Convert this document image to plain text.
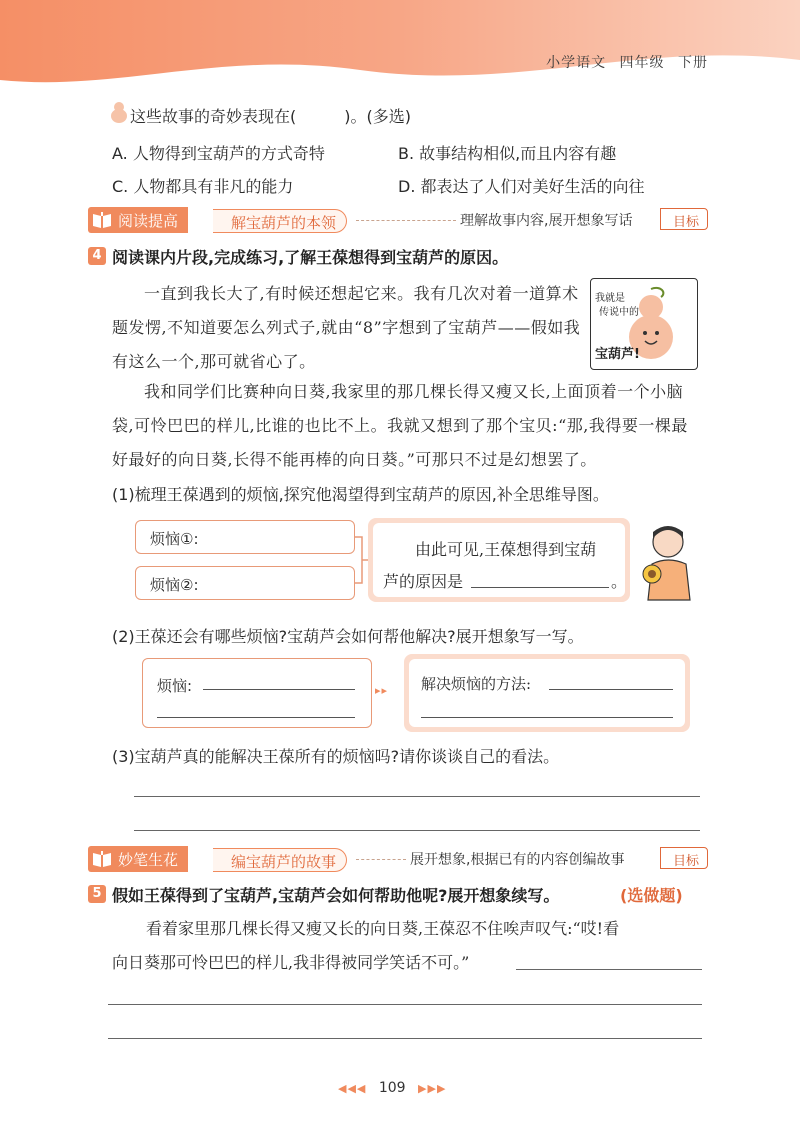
小学语文 四年级 下册
这些故事的奇妙表现在(　　　)。(多选)
A. 人物得到宝葫芦的方式奇特	B. 故事结构相似,而且内容有趣
C. 人物都具有非凡的能力	D. 都表达了人们对美好生活的向往
阅读提高	解宝葫芦的本领	理解故事内容,展开想象写话	目标
4 阅读课内片段,完成练习,了解王葆想得到宝葫芦的原因。
一直到我长大了,有时候还想起它来。我有几次对着一道算术题发愣,不知道要怎么列式子,就由“8”字想到了宝葫芦——假如我有这么一个,那可就省心了。
我就是
传说中的
宝葫芦!
我和同学们比赛种向日葵,我家里的那几棵长得又瘦又长,上面顶着一个小脑袋,可怜巴巴的样儿,比谁的也比不上。我就又想到了那个宝贝:“那,我得要一棵最好最好的向日葵,长得不能再棒的向日葵。”可那只不过是幻想罢了。
(1)梳理王葆遇到的烦恼,探究他渴望得到宝葫芦的原因,补全思维导图。
烦恼①:
烦恼②:
由此可见,王葆想得到宝葫
芦的原因是	。
(2)王葆还会有哪些烦恼?宝葫芦会如何帮他解决?展开想象写一写。
烦恼:	▸▸ 解决烦恼的方法:
(3)宝葫芦真的能解决王葆所有的烦恼吗?请你谈谈自己的看法。
妙笔生花	编宝葫芦的故事	展开想象,根据已有的内容创编故事	目标
5 假如王葆得到了宝葫芦,宝葫芦会如何帮助他呢?展开想象续写。	(选做题)
看着家里那几棵长得又瘦又长的向日葵,王葆忍不住唉声叹气:“哎!看
向日葵那可怜巴巴的样儿,我非得被同学笑话不可。”
◀◀◀ 109 ▶▶▶
